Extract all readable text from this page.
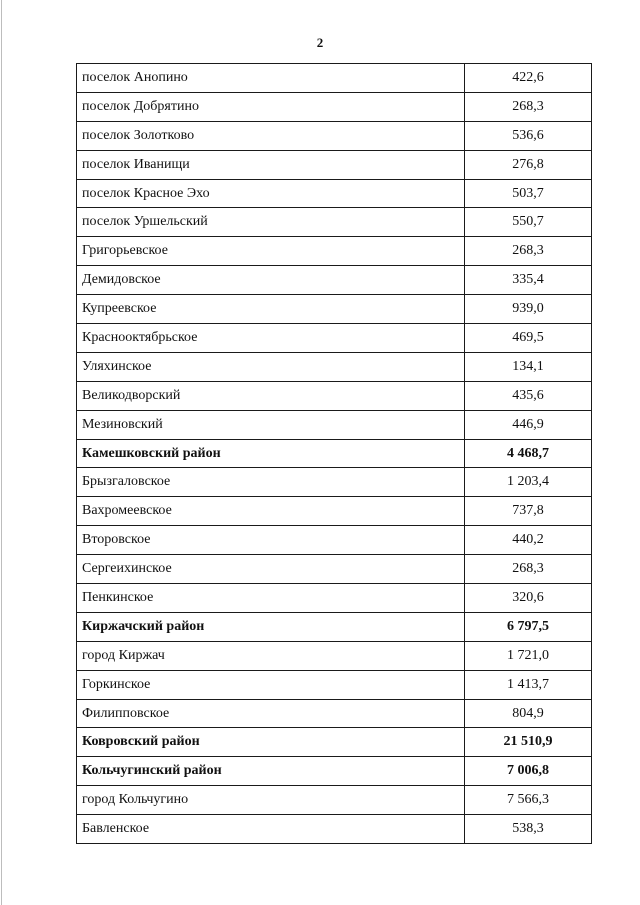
2
поселок Анопино	422,6
поселок Добрятино	268,3
поселок Золотково	536,6
поселок Иванищи	276,8
поселок Красное Эхо	503,7
поселок Уршельский	550,7
Григорьевское	268,3
Демидовское	335,4
Купреевское	939,0
Краснооктябрьское	469,5
Уляхинское	134,1
Великодворский	435,6
Мезиновский	446,9
Камешковский район	4 468,7
Брызгаловское	1 203,4
Вахромеевское	737,8
Второвское	440,2
Сергеихинское	268,3
Пенкинское	320,6
Киржачский район	6 797,5
город Киржач	1 721,0
Горкинское	1 413,7
Филипповское	804,9
Ковровский район	21 510,9
Кольчугинский район	7 006,8
город Кольчугино	7 566,3
Бавленское	538,3
